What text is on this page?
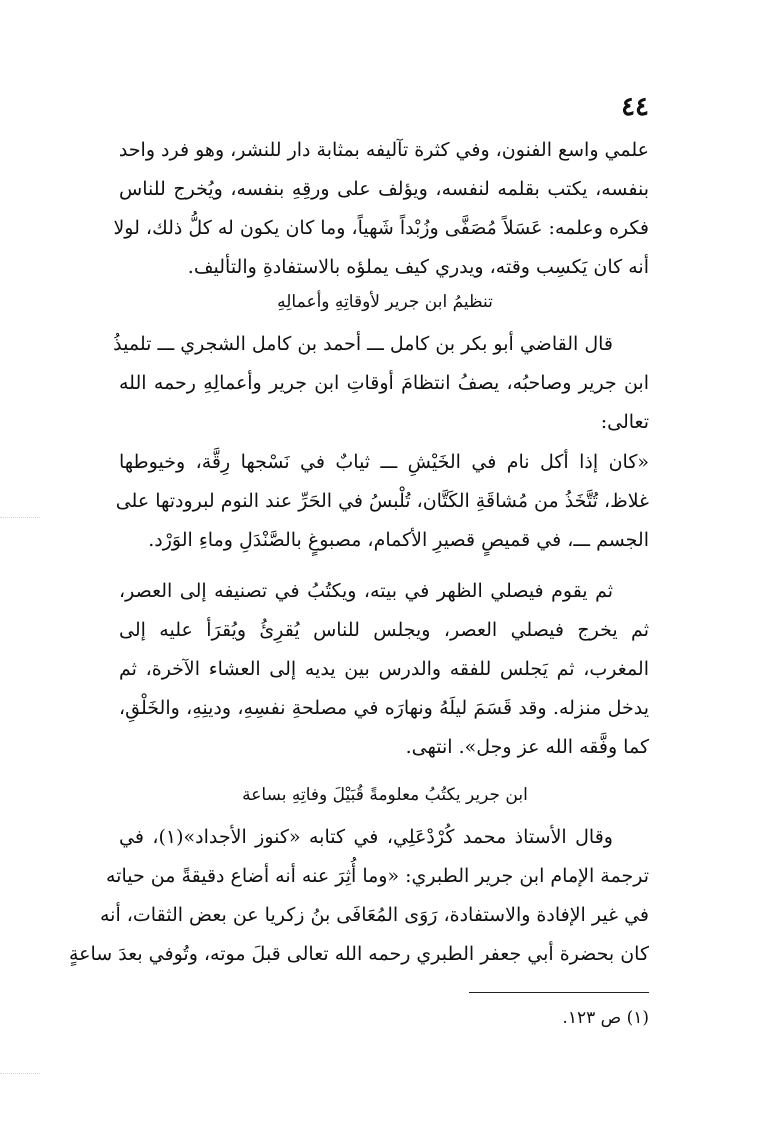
٤٤
علمي واسع الفنون، وفي كثرة تآليفه بمثابة دار للنشر، وهو فرد واحد
بنفسه، يكتب بقلمه لنفسه، ويؤلف على ورقِهِ بنفسه، ويُخرج للناس
فكره وعلمه: عَسَلاً مُصَفَّى وزُبْداً شَهياً، وما كان يكون له كلُّ ذلك، لولا
أنه كان يَكسِب وقته، ويدري كيف يملؤه بالاستفادةِ والتأليف.
تنظيمُ ابن جرير لأوقاتِهِ وأعمالِهِ
قال القاضي أبو بكر بن كامل ـــ أحمد بن كامل الشجري ـــ تلميذُ
ابن جرير وصاحبُه، يصفُ انتظامَ أوقاتِ ابن جرير وأعمالِهِ رحمه الله
تعالى:
«كان إذا أكل نام في الخَيْشِ ـــ ثيابٌ في نَسْجها رِقَّة، وخيوطها
غلاظ، تُتَّخَذُ من مُشاقَةِ الكَتَّان، تُلْبسُ في الحَرِّ عند النوم لبرودتها على
الجسم ـــ، في قميصٍ قصيرِ الأكمام، مصبوغٍ بالصَّنْدَلِ وماءِ الوَرْد.
ثم يقوم فيصلي الظهر في بيته، ويكتُبُ في تصنيفه إلى العصر،
ثم يخرج فيصلي العصر، ويجلس للناس يُقرِئُ ويُقرَأ عليه إلى
المغرب، ثم يَجلس للفقه والدرس بين يديه إلى العشاء الآخرة، ثم
يدخل منزله. وقد قَسَمَ ليلَهُ ونهارَه في مصلحةِ نفسِهِ، ودينِهِ، والخَلْقِ،
كما وفَّقه الله عز وجل». انتهى.
ابن جرير يكتُبُ معلومةً قُبَيْلَ وفاتِهِ بساعة
وقال الأستاذ محمد كُرْدْعَلِي، في كتابه «كنوز الأجداد»(١)، في
ترجمة الإمام ابن جرير الطبري: «وما أُثِرَ عنه أنه أضاع دقيقةً من حياته
في غير الإفادة والاستفادة، رَوَى المُعَافَى بنُ زكريا عن بعض الثقات، أنه
كان بحضرة أبي جعفر الطبري رحمه الله تعالى قبلَ موته، وتُوفي بعدَ ساعةٍ
(١) ص ١٢٣.
